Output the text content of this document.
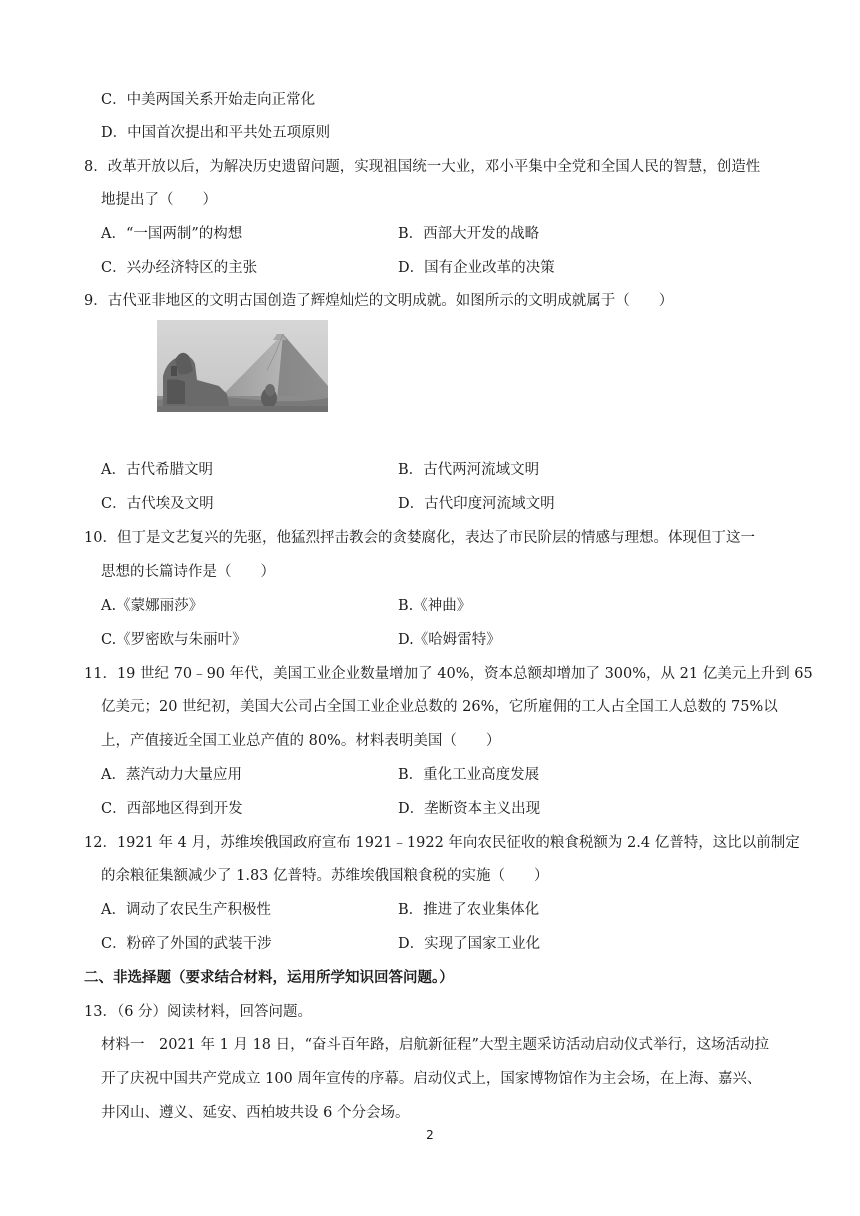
C．中美两国关系开始走向正常化
D．中国首次提出和平共处五项原则
8．改革开放以后，为解决历史遗留问题，实现祖国统一大业，邓小平集中全党和全国人民的智慧，创造性
地提出了（　　）
A．“一国两制”的构想	B．西部大开发的战略
C．兴办经济特区的主张	D．国有企业改革的决策
9．古代亚非地区的文明古国创造了辉煌灿烂的文明成就。如图所示的文明成就属于（　　）
A．古代希腊文明	B．古代两河流域文明
C．古代埃及文明	D．古代印度河流域文明
10．但丁是文艺复兴的先驱，他猛烈抨击教会的贪婪腐化，表达了市民阶层的情感与理想。体现但丁这一
思想的长篇诗作是（　　）
A.《蒙娜丽莎》	B.《神曲》
C.《罗密欧与朱丽叶》	D.《哈姆雷特》
11．19 世纪 70﹣90 年代，美国工业企业数量增加了 40%，资本总额却增加了 300%，从 21 亿美元上升到 65
亿美元；20 世纪初，美国大公司占全国工业企业总数的 26%，它所雇佣的工人占全国工人总数的 75%以
上，产值接近全国工业总产值的 80%。材料表明美国（　　）
A．蒸汽动力大量应用	B．重化工业高度发展
C．西部地区得到开发	D．垄断资本主义出现
12．1921 年 4 月，苏维埃俄国政府宣布 1921﹣1922 年向农民征收的粮食税额为 2.4 亿普特，这比以前制定
的余粮征集额减少了 1.83 亿普特。苏维埃俄国粮食税的实施（　　）
A．调动了农民生产积极性	B．推进了农业集体化
C．粉碎了外国的武装干涉	D．实现了国家工业化
二、非选择题（要求结合材料，运用所学知识回答问题。）
13．（6 分）阅读材料，回答问题。
材料一　2021 年 1 月 18 日，“奋斗百年路，启航新征程”大型主题采访活动启动仪式举行，这场活动拉
开了庆祝中国共产党成立 100 周年宣传的序幕。启动仪式上，国家博物馆作为主会场，在上海、嘉兴、
井冈山、遵义、延安、西柏坡共设 6 个分会场。
2
